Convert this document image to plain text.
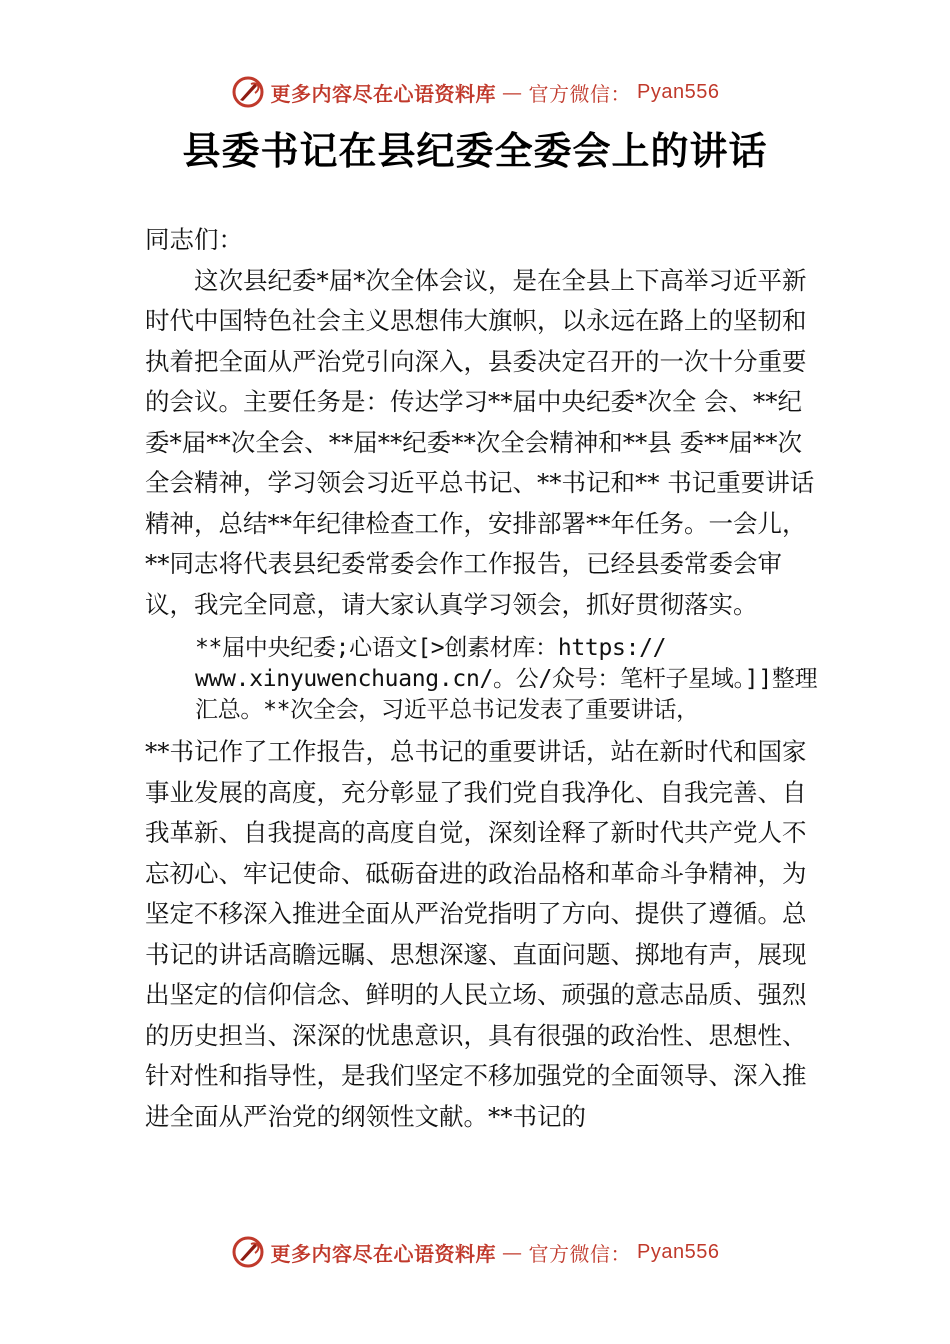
更多内容尽在心语资料库 — 官方微信： Pyan556
县委书记在县纪委全委会上的讲话

同志们：

这次县纪委*届*次全体会议，是在全县上下高举习近平新时代中国特色社会主义思想伟大旗帜，以永远在路上的坚韧和执着把全面从严治党引向深入，县委决定召开的一次十分重要的会议。主要任务是：传达学习**届中央纪委*次全 会、**纪委*届**次全会、**届**纪委**次全会精神和**县 委**届**次全会精神，学习领会习近平总书记、**书记和** 书记重要讲话精神，总结**年纪律检查工作，安排部署**年任务。一会儿，**同志将代表县纪委常委会作工作报告，已经县委常委会审议，我完全同意，请大家认真学习领会，抓好贯彻落实。

**届中央纪委;心语文[>创素材库：https:// www.xinyuwenchuang.cn/。公/众号：笔杆子星域。]]整理汇总。**次全会，习近平总书记发表了重要讲话，

**书记作了工作报告，总书记的重要讲话，站在新时代和国家事业发展的高度，充分彰显了我们党自我净化、自我完善、自我革新、自我提高的高度自觉，深刻诠释了新时代共产党人不忘初心、牢记使命、砥砺奋进的政治品格和革命斗争精神，为坚定不移深入推进全面从严治党指明了方向、提供了遵循。总书记的讲话高瞻远瞩、思想深邃、直面问题、掷地有声，展现出坚定的信仰信念、鲜明的人民立场、顽强的意志品质、强烈的历史担当、深深的忧患意识，具有很强的政治性、思想性、针对性和指导性，是我们坚定不移加强党的全面领导、深入推进全面从严治党的纲领性文献。**书记的

更多内容尽在心语资料库 — 官方微信： Pyan556
